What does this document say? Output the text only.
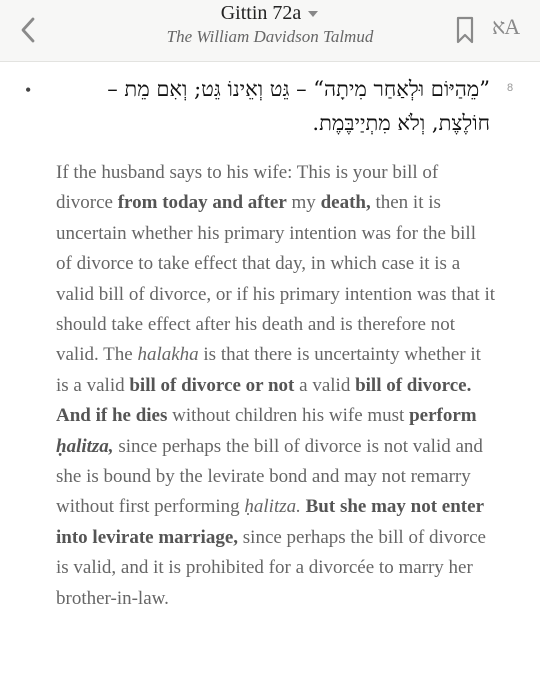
Gittin 72a
The William Davidson Talmud	אA
•	”מֵהַיּוֹם וּלְאַחַר מִיתָה“ – גֵּט וְאֵינוֹ גֵּט; וְאִם מֵת – חוֹלֶצֶת, וְלֹא מִתְיַיבֶּמֶת.
8
If the husband says to his wife: This is your bill of divorce from today and after my death, then it is uncertain whether his primary intention was for the bill of divorce to take effect that day, in which case it is a valid bill of divorce, or if his primary intention was that it should take effect after his death and is therefore not valid. The halakha is that there is uncertainty whether it is a valid bill of divorce or not a valid bill of divorce. And if he dies without children his wife must perform ḥalitza, since perhaps the bill of divorce is not valid and she is bound by the levirate bond and may not remarry without first performing ḥalitza. But she may not enter into levirate marriage, since perhaps the bill of divorce is valid, and it is prohibited for a divorcée to marry her brother-in-law.
